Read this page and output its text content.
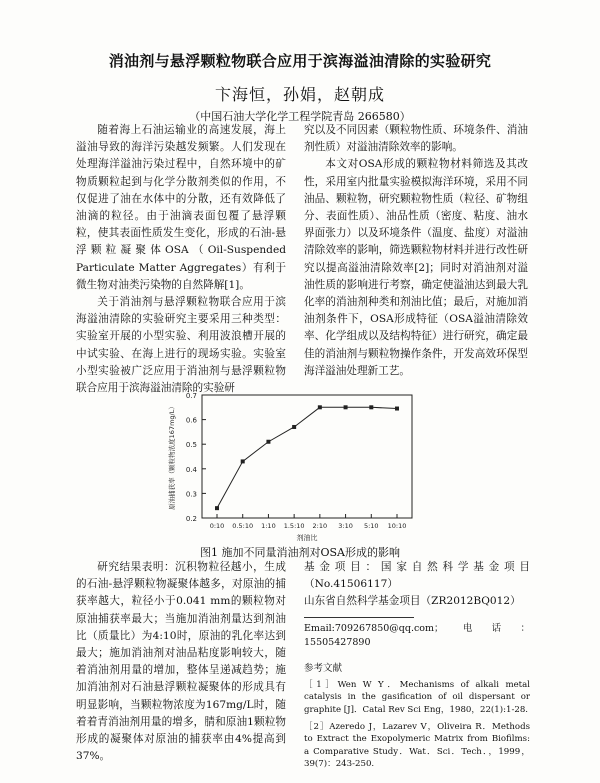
消油剂与悬浮颗粒物联合应用于滨海溢油清除的实验研究
卞海恒，孙娟，赵朝成
（中国石油大学化学工程学院青岛 266580）

随着海上石油运输业的高速发展，海上溢油导致的海洋污染越发频繁。人们发现在处理海洋溢油污染过程中，自然环境中的矿物质颗粒起到与化学分散剂类似的作用，不仅促进了油在水体中的分散，还有效降低了油滴的粒径。由于油滴表面包覆了悬浮颗粒，使其表面性质发生变化，形成的石油-悬浮颗粒凝聚体OSA（Oil-Suspended Particulate Matter Aggregates）有利于微生物对油类污染物的自然降解[1]。

关于消油剂与悬浮颗粒物联合应用于滨海溢油清除的实验研究主要采用三种类型：实验室开展的小型实验、利用波浪槽开展的中试实验、在海上进行的现场实验。实验室小型实验被广泛应用于消油剂与悬浮颗粒物联合应用于滨海溢油清除的实验研

究以及不同因素（颗粒物性质、环境条件、消油剂性质）对溢油清除效率的影响。

本文对OSA形成的颗粒物材料筛选及其改性，采用室内批量实验模拟海洋环境，采用不同油品、颗粒物，研究颗粒物性质（粒径、矿物组分、表面性质）、油品性质（密度、粘度、油水界面张力）以及环境条件（温度、盐度）对溢油清除效率的影响，筛选颗粒物材料并进行改性研究以提高溢油清除效率[2]；同时对消油剂对溢油性质的影响进行考察，确定使溢油达到最大乳化率的消油剂种类和剂油比值；最后，对施加消油剂条件下，OSA形成特征（OSA溢油清除效率、化学组成以及结构特征）进行研究，确定最佳的消油剂与颗粒物操作条件，开发高效环保型海洋溢油处理新工艺。

0.2
0.3
0.4
0.5
0.6
0.7
0:10 0.5:10 1:10 1.5:10 2:10 3:10 5:10 10:10
剂油比
原油捕获率（颗粒物浓度167mg/L）
图1 施加不同量消油剂对OSA形成的影响

研究结果表明：沉积物粒径越小，生成的石油-悬浮颗粒物凝聚体越多，对原油的捕获率越大，粒径小于0.041 mm的颗粒物对原油捕获率最大；当施加消油剂量达到剂油比（质量比）为4:10时，原油的乳化率达到最大；施加消油剂对油品粘度影响较大，随着消油剂用量的增加，整体呈递减趋势；施加消油剂对石油悬浮颗粒凝聚体的形成具有明显影响，当颗粒物浓度为167mg/L时，随着着青消油剂用量的增多，腈和原油1颗粒物形成的凝聚体对原油的捕获率由4%提高到37%。

基金项目：国家自然科学基金项目（No.41506117）

山东省自然科学基金项目（ZR2012BQ012）

Email:709267850@qq.com；电话：15505427890

参考文献

［1］Wen W Y．Mechanisms of alkali metal catalysis in the gasification of oil dispersant or graphite [J]．Catal Rev Sci Eng，1980，22(1):1-28.

［2］Azeredo J，Lazarev V，Oliveira R．Methods to Extract the Exopolymeric Matrix from Biofilms: a Comparative Study．Wat．Sci．Tech．，1999，39(7)：243-250.
